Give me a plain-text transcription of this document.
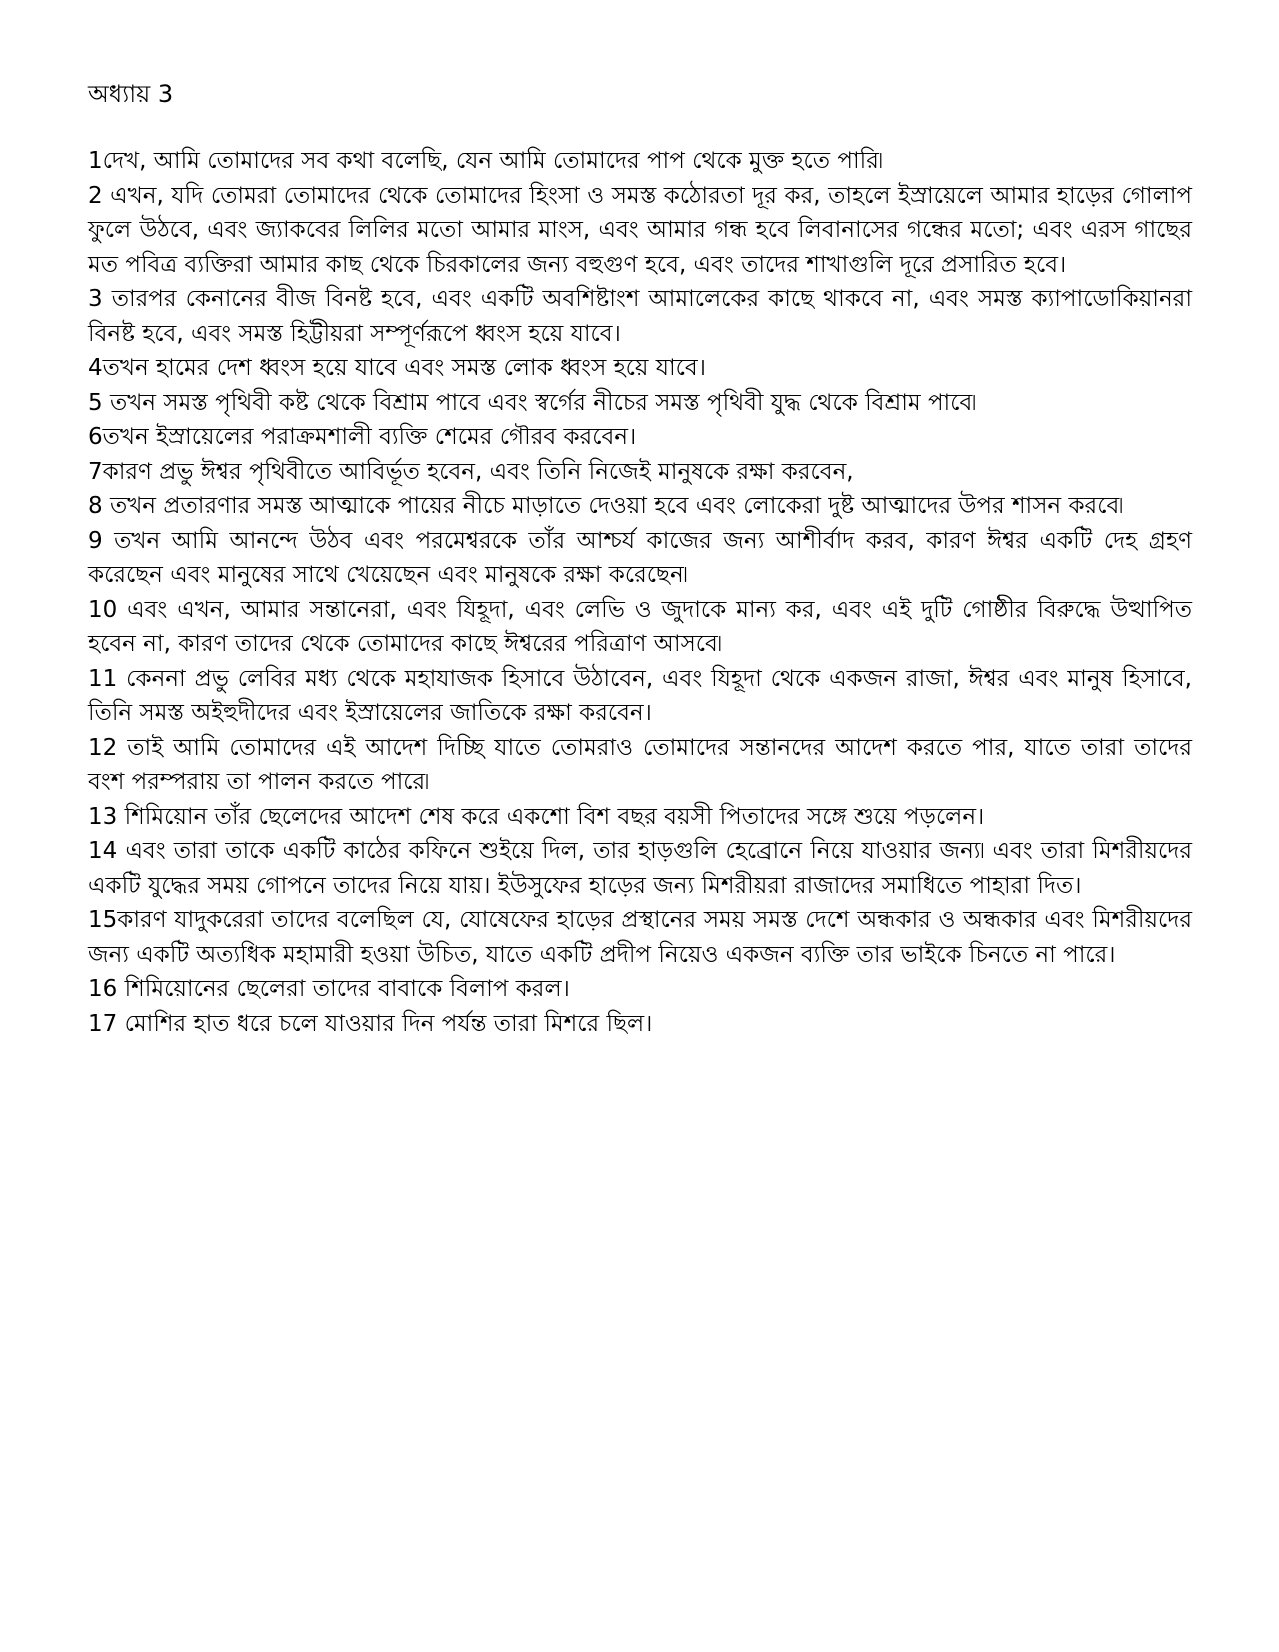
অধ্যায় 3

1দেখ, আমি তোমাদের সব কথা বলেছি, যেন আমি তোমাদের পাপ থেকে মুক্ত হতে পারি৷

2 এখন, যদি তোমরা তোমাদের থেকে তোমাদের হিংসা ও সমস্ত কঠোরতা দূর কর, তাহলে ইস্রায়েলে আমার হাড়ের গোলাপ ফুলে উঠবে, এবং জ্যাকবের লিলির মতো আমার মাংস, এবং আমার গন্ধ হবে লিবানাসের গন্ধের মতো; এবং এরস গাছের মত পবিত্র ব্যক্তিরা আমার কাছ থেকে চিরকালের জন্য বহুগুণ হবে, এবং তাদের শাখাগুলি দূরে প্রসারিত হবে।

3 তারপর কেনানের বীজ বিনষ্ট হবে, এবং একটি অবশিষ্টাংশ আমালেকের কাছে থাকবে না, এবং সমস্ত ক্যাপাডোকিয়ানরা বিনষ্ট হবে, এবং সমস্ত হিট্টীয়রা সম্পূর্ণরূপে ধ্বংস হয়ে যাবে।

4তখন হামের দেশ ধ্বংস হয়ে যাবে এবং সমস্ত লোক ধ্বংস হয়ে যাবে।

5 তখন সমস্ত পৃথিবী কষ্ট থেকে বিশ্রাম পাবে এবং স্বর্গের নীচের সমস্ত পৃথিবী যুদ্ধ থেকে বিশ্রাম পাবে৷

6তখন ইস্রায়েলের পরাক্রমশালী ব্যক্তি শেমের গৌরব করবেন।

7কারণ প্রভু ঈশ্বর পৃথিবীতে আবির্ভূত হবেন, এবং তিনি নিজেই মানুষকে রক্ষা করবেন,

8 তখন প্রতারণার সমস্ত আত্মাকে পায়ের নীচে মাড়াতে দেওয়া হবে এবং লোকেরা দুষ্ট আত্মাদের উপর শাসন করবে৷

9 তখন আমি আনন্দে উঠব এবং পরমেশ্বরকে তাঁর আশ্চর্য কাজের জন্য আশীর্বাদ করব, কারণ ঈশ্বর একটি দেহ গ্রহণ করেছেন এবং মানুষের সাথে খেয়েছেন এবং মানুষকে রক্ষা করেছেন৷

10 এবং এখন, আমার সন্তানেরা, এবং যিহূদা, এবং লেভি ও জুদাকে মান্য কর, এবং এই দুটি গোষ্ঠীর বিরুদ্ধে উত্থাপিত হবেন না, কারণ তাদের থেকে তোমাদের কাছে ঈশ্বরের পরিত্রাণ আসবে৷

11 কেননা প্রভু লেবির মধ্য থেকে মহাযাজক হিসাবে উঠাবেন, এবং যিহূদা থেকে একজন রাজা, ঈশ্বর এবং মানুষ হিসাবে, তিনি সমস্ত অইহুদীদের এবং ইস্রায়েলের জাতিকে রক্ষা করবেন।

12 তাই আমি তোমাদের এই আদেশ দিচ্ছি যাতে তোমরাও তোমাদের সন্তানদের আদেশ করতে পার, যাতে তারা তাদের বংশ পরম্পরায় তা পালন করতে পারে৷

13 শিমিয়োন তাঁর ছেলেদের আদেশ শেষ করে একশো বিশ বছর বয়সী পিতাদের সঙ্গে শুয়ে পড়লেন।

14 এবং তারা তাকে একটি কাঠের কফিনে শুইয়ে দিল, তার হাড়গুলি হেব্রোনে নিয়ে যাওয়ার জন্য৷ এবং তারা মিশরীয়দের একটি যুদ্ধের সময় গোপনে তাদের নিয়ে যায়। ইউসুফের হাড়ের জন্য মিশরীয়রা রাজাদের সমাধিতে পাহারা দিত।

15কারণ যাদুকরেরা তাদের বলেছিল যে, যোষেফের হাড়ের প্রস্থানের সময় সমস্ত দেশে অন্ধকার ও অন্ধকার এবং মিশরীয়দের জন্য একটি অত্যধিক মহামারী হওয়া উচিত, যাতে একটি প্রদীপ নিয়েও একজন ব্যক্তি তার ভাইকে চিনতে না পারে।

16 শিমিয়োনের ছেলেরা তাদের বাবাকে বিলাপ করল।

17 মোশির হাত ধরে চলে যাওয়ার দিন পর্যন্ত তারা মিশরে ছিল।
